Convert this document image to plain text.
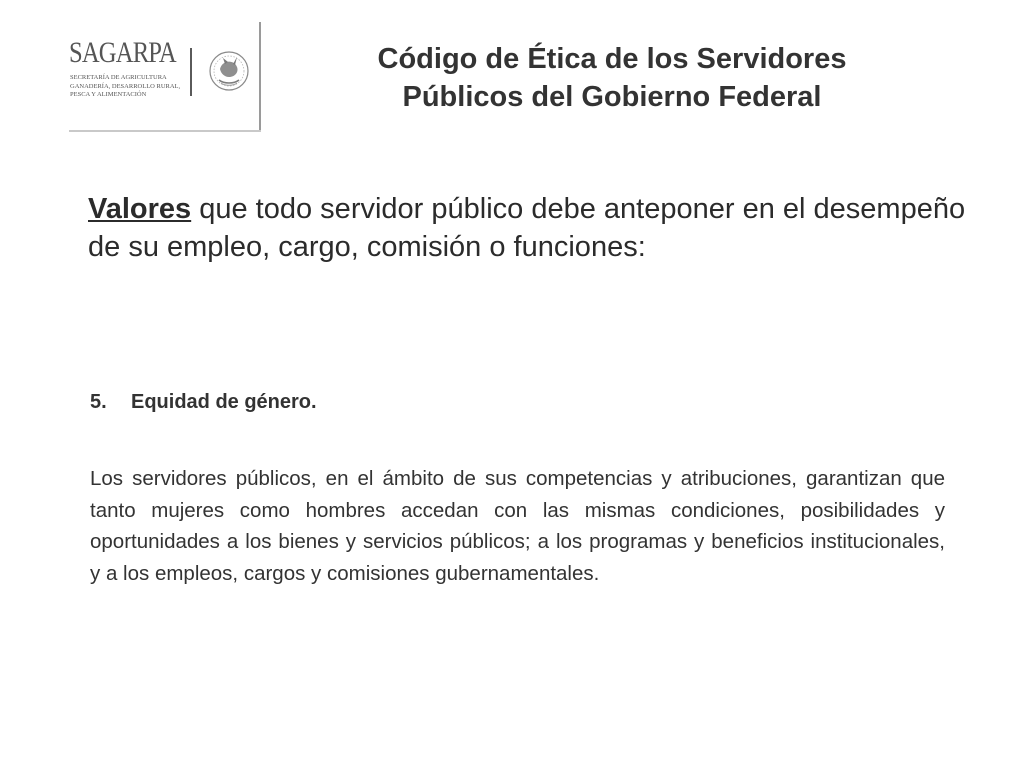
SAGARPA
SECRETARÍA DE AGRICULTURA
GANADERÍA, DESARROLLO RURAL,
PESCA Y ALIMENTACIÓN
Código de Ética de los Servidores
Públicos del Gobierno Federal
Valores que todo servidor público debe anteponer en el desempeño de su empleo, cargo, comisión o funciones:
5. Equidad de género.
Los servidores públicos, en el ámbito de sus competencias y atribuciones, garantizan que tanto mujeres como hombres accedan con las mismas condiciones, posibilidades y oportunidades a los bienes y servicios públicos; a los programas y beneficios institucionales, y a los empleos, cargos y comisiones gubernamentales.
